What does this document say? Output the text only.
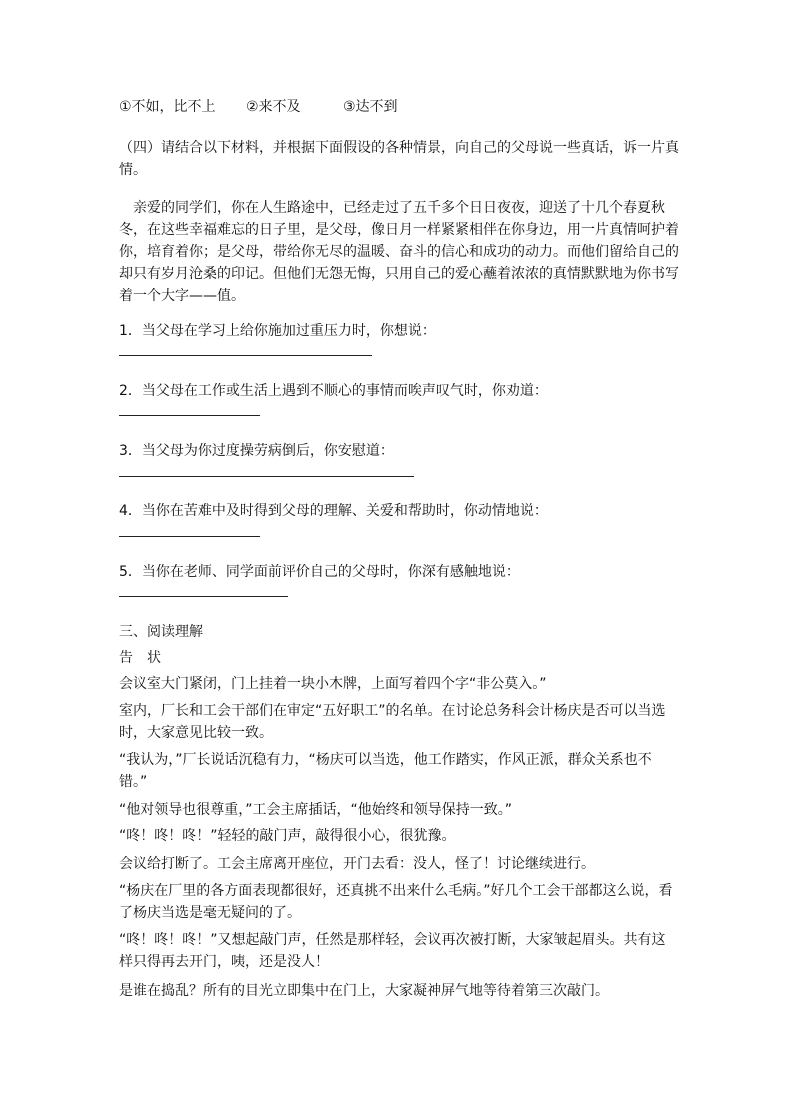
①不如，比不上 ②来不及	③达不到
（四）请结合以下材料，并根据下面假设的各种情景，向自己的父母说一些真话，诉一片真情。
亲爱的同学们，你在人生路途中，已经走过了五千多个日日夜夜，迎送了十几个春夏秋冬，在这些幸福难忘的日子里，是父母，像日月一样紧紧相伴在你身边，用一片真情呵护着你，培育着你；是父母，带给你无尽的温暖、奋斗的信心和成功的动力。而他们留给自己的却只有岁月沧桑的印记。但他们无怨无悔，只用自己的爱心蘸着浓浓的真情默默地为你书写着一个大字——值。
1．当父母在学习上给你施加过重压力时，你想说：
2．当父母在工作或生活上遇到不顺心的事情而唉声叹气时，你劝道：
3．当父母为你过度操劳病倒后，你安慰道：
4．当你在苦难中及时得到父母的理解、关爱和帮助时，你动情地说：
5．当你在老师、同学面前评价自己的父母时，你深有感触地说：
三、阅读理解
告　状
会议室大门紧闭，门上挂着一块小木牌，上面写着四个字“非公莫入。”
室内，厂长和工会干部们在审定“五好职工”的名单。在讨论总务科会计杨庆是否可以当选时，大家意见比较一致。
“我认为，”厂长说话沉稳有力，“杨庆可以当选，他工作踏实，作风正派，群众关系也不错。”
“他对领导也很尊重，”工会主席插话，“他始终和领导保持一致。”
“咚！咚！咚！”轻轻的敲门声，敲得很小心，很犹豫。
会议给打断了。工会主席离开座位，开门去看：没人，怪了！讨论继续进行。
“杨庆在厂里的各方面表现都很好，还真挑不出来什么毛病。”好几个工会干部都这么说，看了杨庆当选是毫无疑问的了。
“咚！咚！咚！”又想起敲门声，任然是那样轻，会议再次被打断，大家皱起眉头。共有这样只得再去开门，咦，还是没人！
是谁在捣乱？所有的目光立即集中在门上，大家凝神屏气地等待着第三次敲门。
